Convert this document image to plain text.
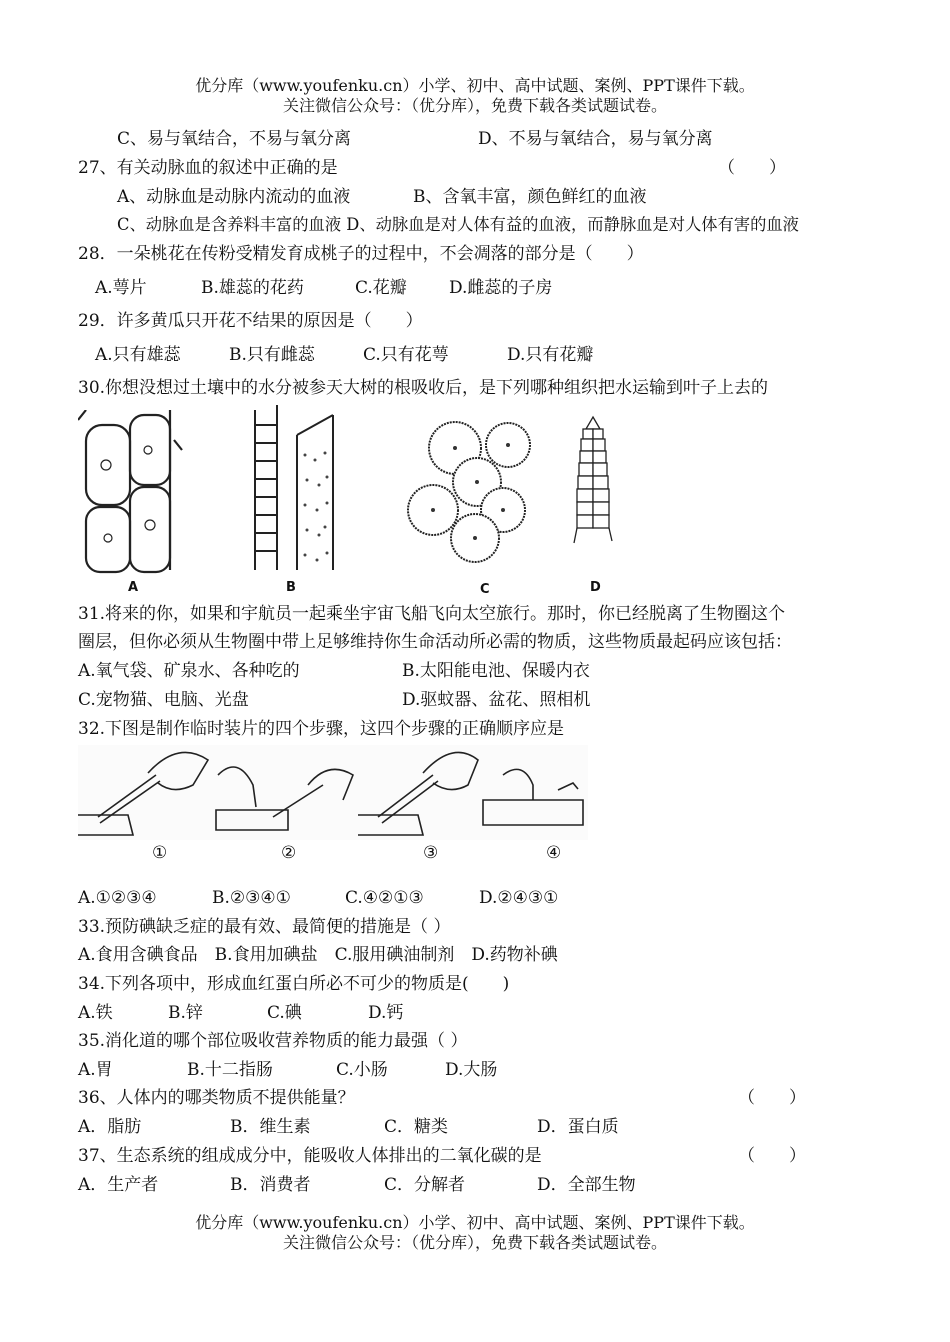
优分库（www.youfenku.cn）小学、初中、高中试题、案例、PPT课件下载。
关注微信公众号：（优分库），免费下载各类试题试卷。
C、易与氧结合，不易与氧分离	D、不易与氧结合，易与氧分离
27、有关动脉血的叙述中正确的是	（　　）
A、动脉血是动脉内流动的血液	B、含氧丰富，颜色鲜红的血液
C、动脉血是含养料丰富的血液 D、动脉血是对人体有益的血液，而静脉血是对人体有害的血液
28．一朵桃花在传粉受精发育成桃子的过程中，不会凋落的部分是（　　）
A.萼片	B.雄蕊的花药	C.花瓣 D.雌蕊的子房
29．许多黄瓜只开花不结果的原因是（　　）
A.只有雄蕊	B.只有雌蕊	C.只有花萼	D.只有花瓣
30.你想没想过土壤中的水分被参天大树的根吸收后，是下列哪种组织把水运输到叶子上去的
A	B	C	D
31.将来的你，如果和宇航员一起乘坐宇宙飞船飞向太空旅行。那时，你已经脱离了生物圈这个
圈层，但你必须从生物圈中带上足够维持你生命活动所必需的物质，这些物质最起码应该包括：
A.氧气袋、矿泉水、各种吃的	B.太阳能电池、保暖内衣
C.宠物猫、电脑、光盘	D.驱蚊器、盆花、照相机
32.下图是制作临时装片的四个步骤，这四个步骤的正确顺序应是
①	②	③	④
A.①②③④	B.②③④①	C.④②①③	D.②④③①
33.预防碘缺乏症的最有效、最简便的措施是（ ）
A.食用含碘食品　B.食用加碘盐　C.服用碘油制剂　D.药物补碘
34.下列各项中，形成血红蛋白所必不可少的物质是(　　)
A.铁	B.锌	C.碘	D.钙
35.消化道的哪个部位吸收营养物质的能力最强（ ）
A.胃	B.十二指肠	C.小肠	D.大肠
36、人体内的哪类物质不提供能量？	（　　）
A．脂肪	B．维生素	C．糖类	D．蛋白质
37、生态系统的组成成分中，能吸收人体排出的二氧化碳的是	（　　）
A．生产者	B．消费者	C．分解者	D．全部生物
优分库（www.youfenku.cn）小学、初中、高中试题、案例、PPT课件下载。
关注微信公众号：（优分库），免费下载各类试题试卷。
